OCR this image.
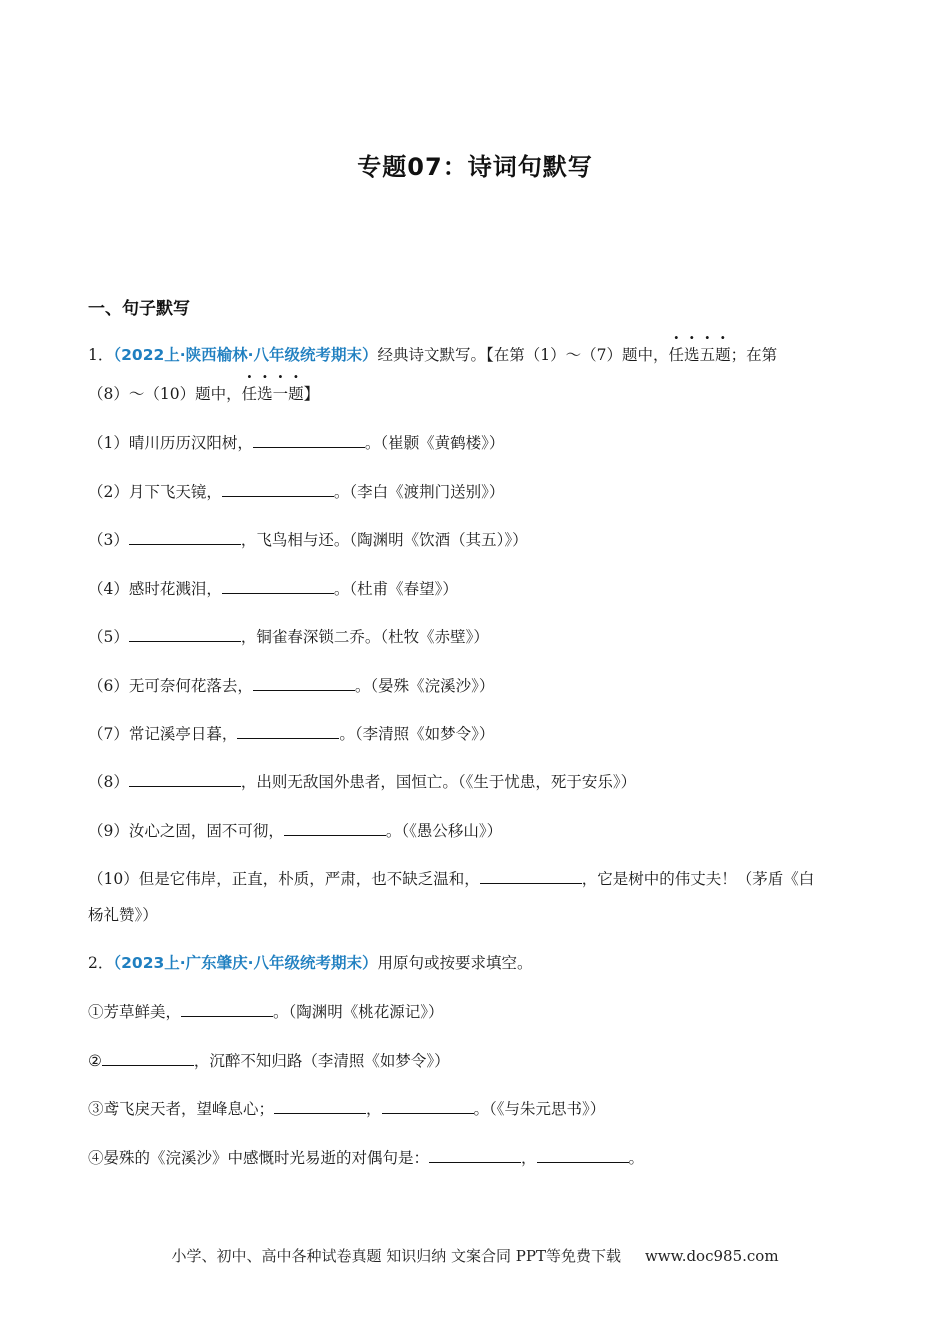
专题07：诗词句默写
一、句子默写
1．（2022上·陕西榆林·八年级统考期末）经典诗文默写。【在第（1）～（7）题中，任选五题；在第
（8）～（10）题中，任选一题】
（1）晴川历历汉阳树，	。（崔颢《黄鹤楼》）
（2）月下飞天镜，	。（李白《渡荆门送别》）
（3）	，飞鸟相与还。（陶渊明《饮酒（其五）》）
（4）感时花溅泪，	。（杜甫《春望》）
（5）	，铜雀春深锁二乔。（杜牧《赤壁》）
（6）无可奈何花落去，	。（晏殊《浣溪沙》）
（7）常记溪亭日暮，	。（李清照《如梦令》）
（8）	，出则无敌国外患者，国恒亡。（《生于忧患，死于安乐》）
（9）汝心之固，固不可彻，	。（《愚公移山》）
（10）但是它伟岸，正直，朴质，严肃，也不缺乏温和，	，它是树中的伟丈夫！（茅盾《白
杨礼赞》）
2．（2023上·广东肇庆·八年级统考期末）用原句或按要求填空。
①芳草鲜美，	。（陶渊明《桃花源记》）
②	，沉醉不知归路（李清照《如梦令》）
③鸢飞戾天者，望峰息心；	，	。（《与朱元思书》）
④晏殊的《浣溪沙》中感慨时光易逝的对偶句是：	，	。
小学、初中、高中各种试卷真题 知识归纳 文案合同 PPT等免费下载 www.doc985.com
